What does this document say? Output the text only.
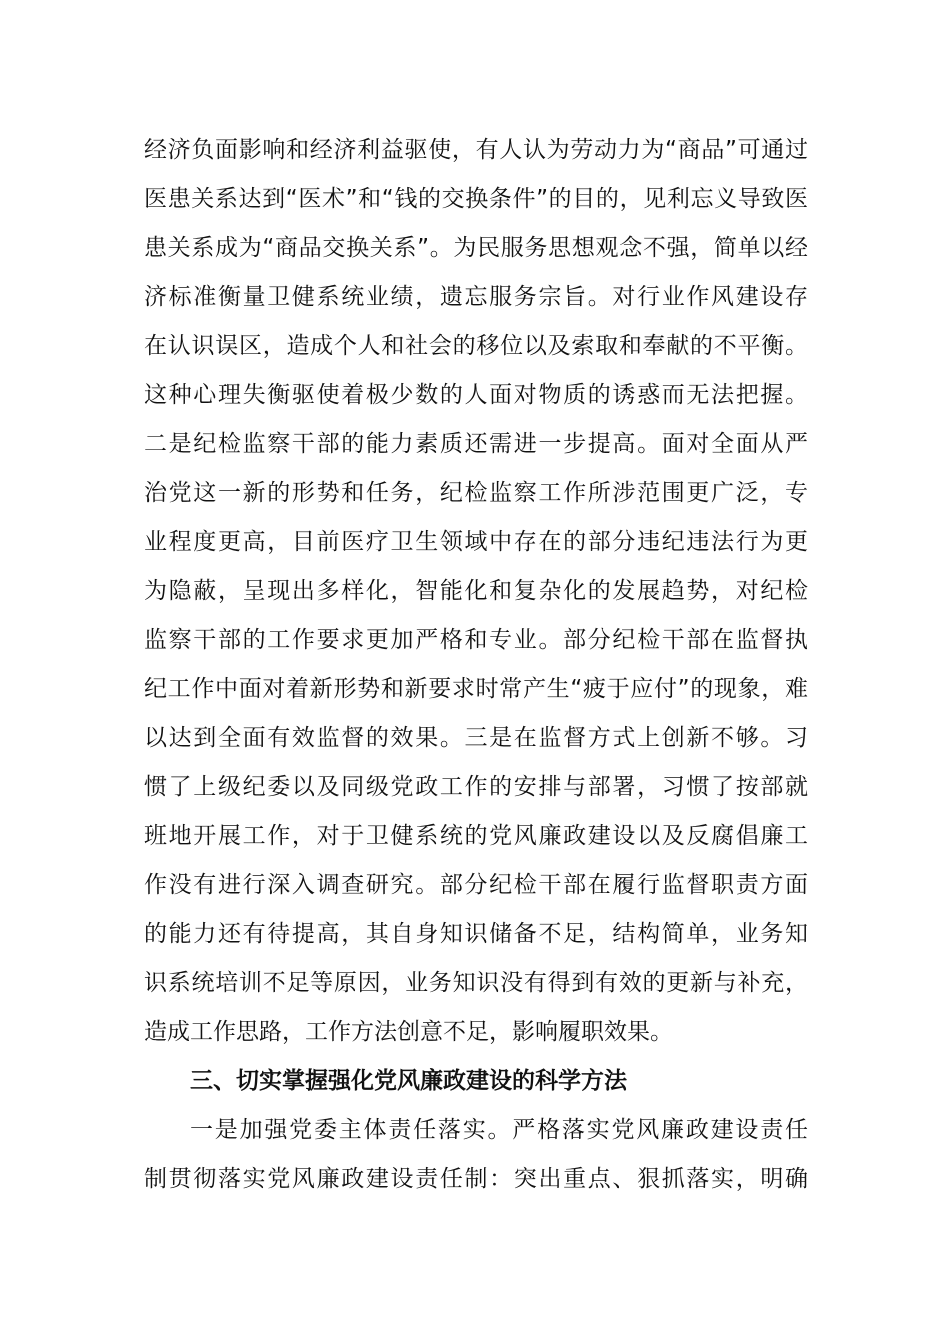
经济负面影响和经济利益驱使，有人认为劳动力为“商品”可通过
医患关系达到“医术”和“钱的交换条件”的目的，见利忘义导致医
患关系成为“商品交换关系”。为民服务思想观念不强，简单以经
济标准衡量卫健系统业绩，遗忘服务宗旨。对行业作风建设存
在认识误区，造成个人和社会的移位以及索取和奉献的不平衡。
这种心理失衡驱使着极少数的人面对物质的诱惑而无法把握。
二是纪检监察干部的能力素质还需进一步提高。面对全面从严
治党这一新的形势和任务，纪检监察工作所涉范围更广泛，专
业程度更高，目前医疗卫生领域中存在的部分违纪违法行为更
为隐蔽，呈现出多样化，智能化和复杂化的发展趋势，对纪检
监察干部的工作要求更加严格和专业。部分纪检干部在监督执
纪工作中面对着新形势和新要求时常产生“疲于应付”的现象，难
以达到全面有效监督的效果。三是在监督方式上创新不够。习
惯了上级纪委以及同级党政工作的安排与部署，习惯了按部就
班地开展工作，对于卫健系统的党风廉政建设以及反腐倡廉工
作没有进行深入调查研究。部分纪检干部在履行监督职责方面
的能力还有待提高，其自身知识储备不足，结构简单，业务知
识系统培训不足等原因，业务知识没有得到有效的更新与补充，
造成工作思路，工作方法创意不足，影响履职效果。
三、切实掌握强化党风廉政建设的科学方法
一是加强党委主体责任落实。严格落实党风廉政建设责任
制贯彻落实党风廉政建设责任制：突出重点、狠抓落实，明确
